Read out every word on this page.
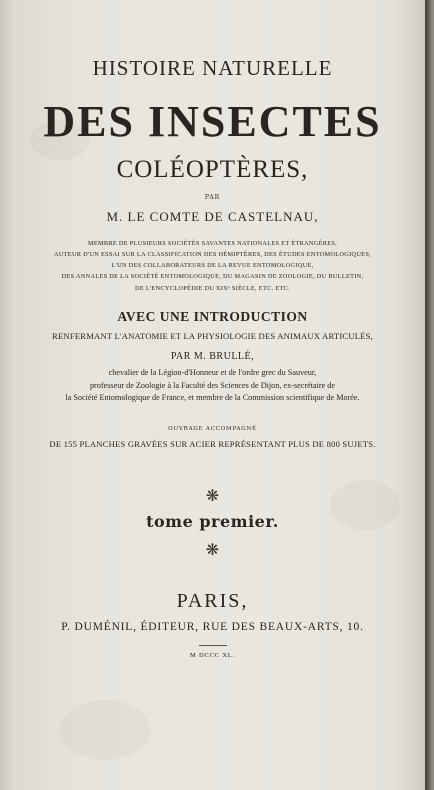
HISTOIRE NATURELLE
DES INSECTES
COLÉOPTÈRES,
PAR
M. LE COMTE DE CASTELNAU,
MEMBRE DE PLUSIEURS SOCIÉTÉS SAVANTES NATIONALES ET ÉTRANGÈRES,
AUTEUR D'UN ESSAI SUR LA CLASSIFICATION DES HÉMIPTÈRES, DES ÉTUDES ENTOMOLOGIQUES,
L'UN DES COLLABORATEURS DE LA REVUE ENTOMOLOGIQUE,
DES ANNALES DE LA SOCIÉTÉ ENTOMOLOGIQUE, DU MAGASIN DE ZOOLOGIE, DU BULLETIN,
DE L'ENCYCLOPÉDIE DU XIXᵉ SIÈCLE, ETC. ETC.
AVEC UNE INTRODUCTION
RENFERMANT L'ANATOMIE ET LA PHYSIOLOGIE DES ANIMAUX ARTICULÉS,
PAR M. BRULLÉ,
chevalier de la Légion-d'Honneur et de l'ordre grec du Sauveur,
professeur de Zoologie à la Faculté des Sciences de Dijon, ex-secrétaire de
la Société Entomologique de France, et membre de la Commission scientifique de Morée.
OUVRAGE ACCOMPAGNÉ
DE 155 PLANCHES GRAVÉES SUR ACIER REPRÉSENTANT PLUS DE 800 SUJETS.
❋
tome premier.
❋
PARIS,
P. DUMÉNIL, ÉDITEUR, RUE DES BEAUX-ARTS, 10.
M DCCC XL.
